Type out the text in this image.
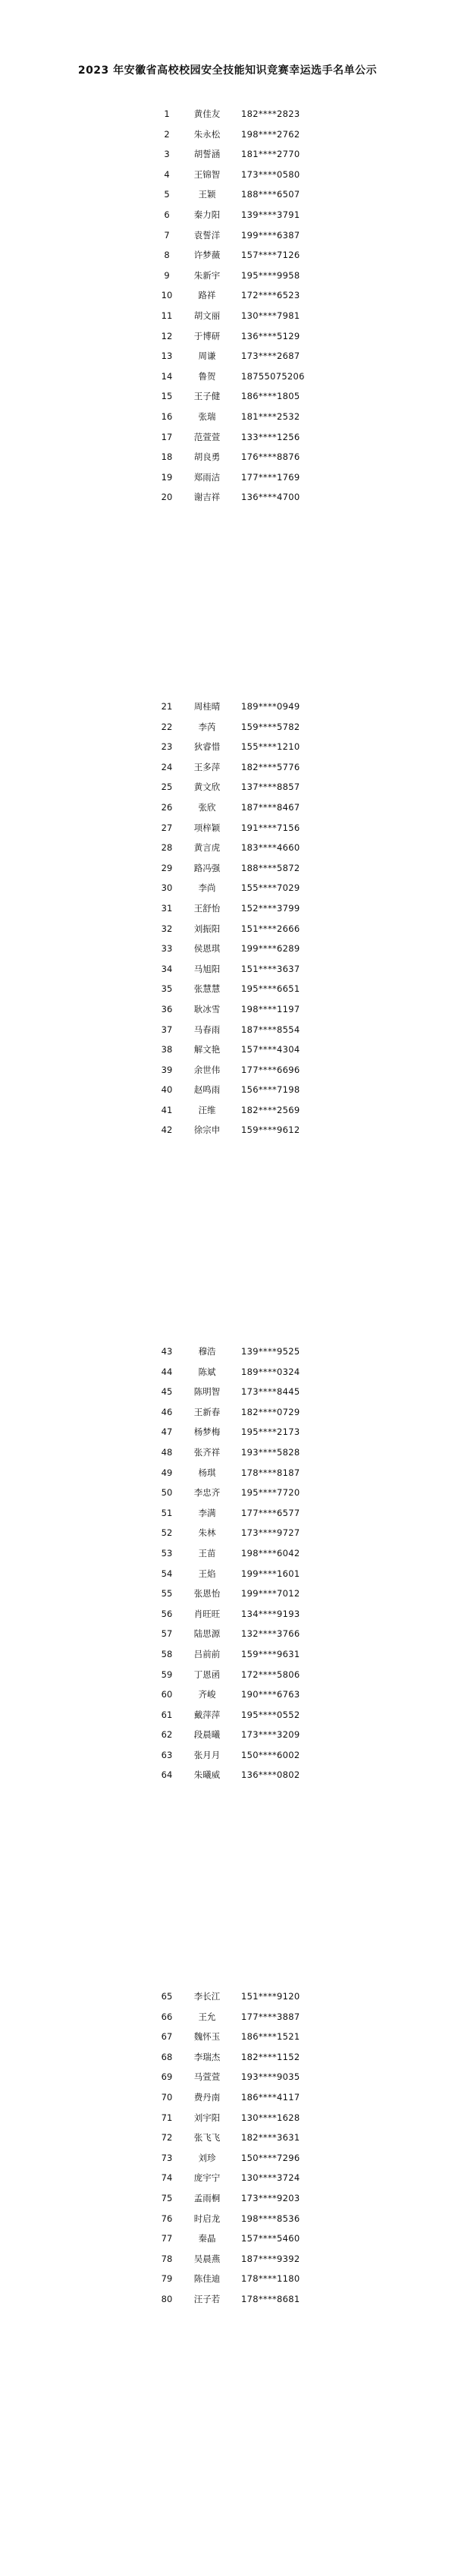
2023 年安徽省高校校园安全技能知识竞赛幸运选手名单公示
1	黄佳友	182****2823
2	朱永松	198****2762
3	胡誓涵	181****2770
4	王锦智	173****0580
5	王颖	188****6507
6	秦力阳	139****3791
7	袁誓洋	199****6387
8	许梦薇	157****7126
9	朱新宇	195****9958
10	路祥	172****6523
11	胡文丽	130****7981
12	于博研	136****5129
13	周谦	173****2687
14	鲁贺	18755075206
15	王子健	186****1805
16	张瑞	181****2532
17	范萱萱	133****1256
18	胡良勇	176****8876
19	郑雨洁	177****1769
20	谢吉祥	136****4700
21	周桂晴	189****0949
22	李芮	159****5782
23	狄睿惜	155****1210
24	王多萍	182****5776
25	黄文欣	137****8857
26	张欣	187****8467
27	项梓颖	191****7156
28	黄言虎	183****4660
29	路冯强	188****5872
30	李尚	155****7029
31	王舒怡	152****3799
32	刘振阳	151****2666
33	侯恩琪	199****6289
34	马旭阳	151****3637
35	张慧慧	195****6651
36	耿冰雪	198****1197
37	马春雨	187****8554
38	解文艳	157****4304
39	余世伟	177****6696
40	赵鸣雨	156****7198
41	汪维	182****2569
42	徐宗申	159****9612
43	穆浩	139****9525
44	陈斌	189****0324
45	陈明智	173****8445
46	王新春	182****0729
47	杨梦梅	195****2173
48	张齐祥	193****5828
49	杨琪	178****8187
50	李忠齐	195****7720
51	李满	177****6577
52	朱林	173****9727
53	王苗	198****6042
54	王焰	199****1601
55	张恩怡	199****7012
56	肖旺旺	134****9193
57	陆思源	132****3766
58	吕前前	159****9631
59	丁恩函	172****5806
60	齐峻	190****6763
61	戴萍萍	195****0552
62	段晨曦	173****3209
63	张月月	150****6002
64	朱曦威	136****0802
65	李长江	151****9120
66	王允	177****3887
67	魏怀玉	186****1521
68	李瑞杰	182****1152
69	马萱萱	193****9035
70	费丹南	186****4117
71	刘宇阳	130****1628
72	张飞飞	182****3631
73	刘珍	150****7296
74	庞宇宁	130****3724
75	孟雨桐	173****9203
76	时启龙	198****8536
77	秦晶	157****5460
78	吴晨燕	187****9392
79	陈佳迪	178****1180
80	汪子若	178****8681
